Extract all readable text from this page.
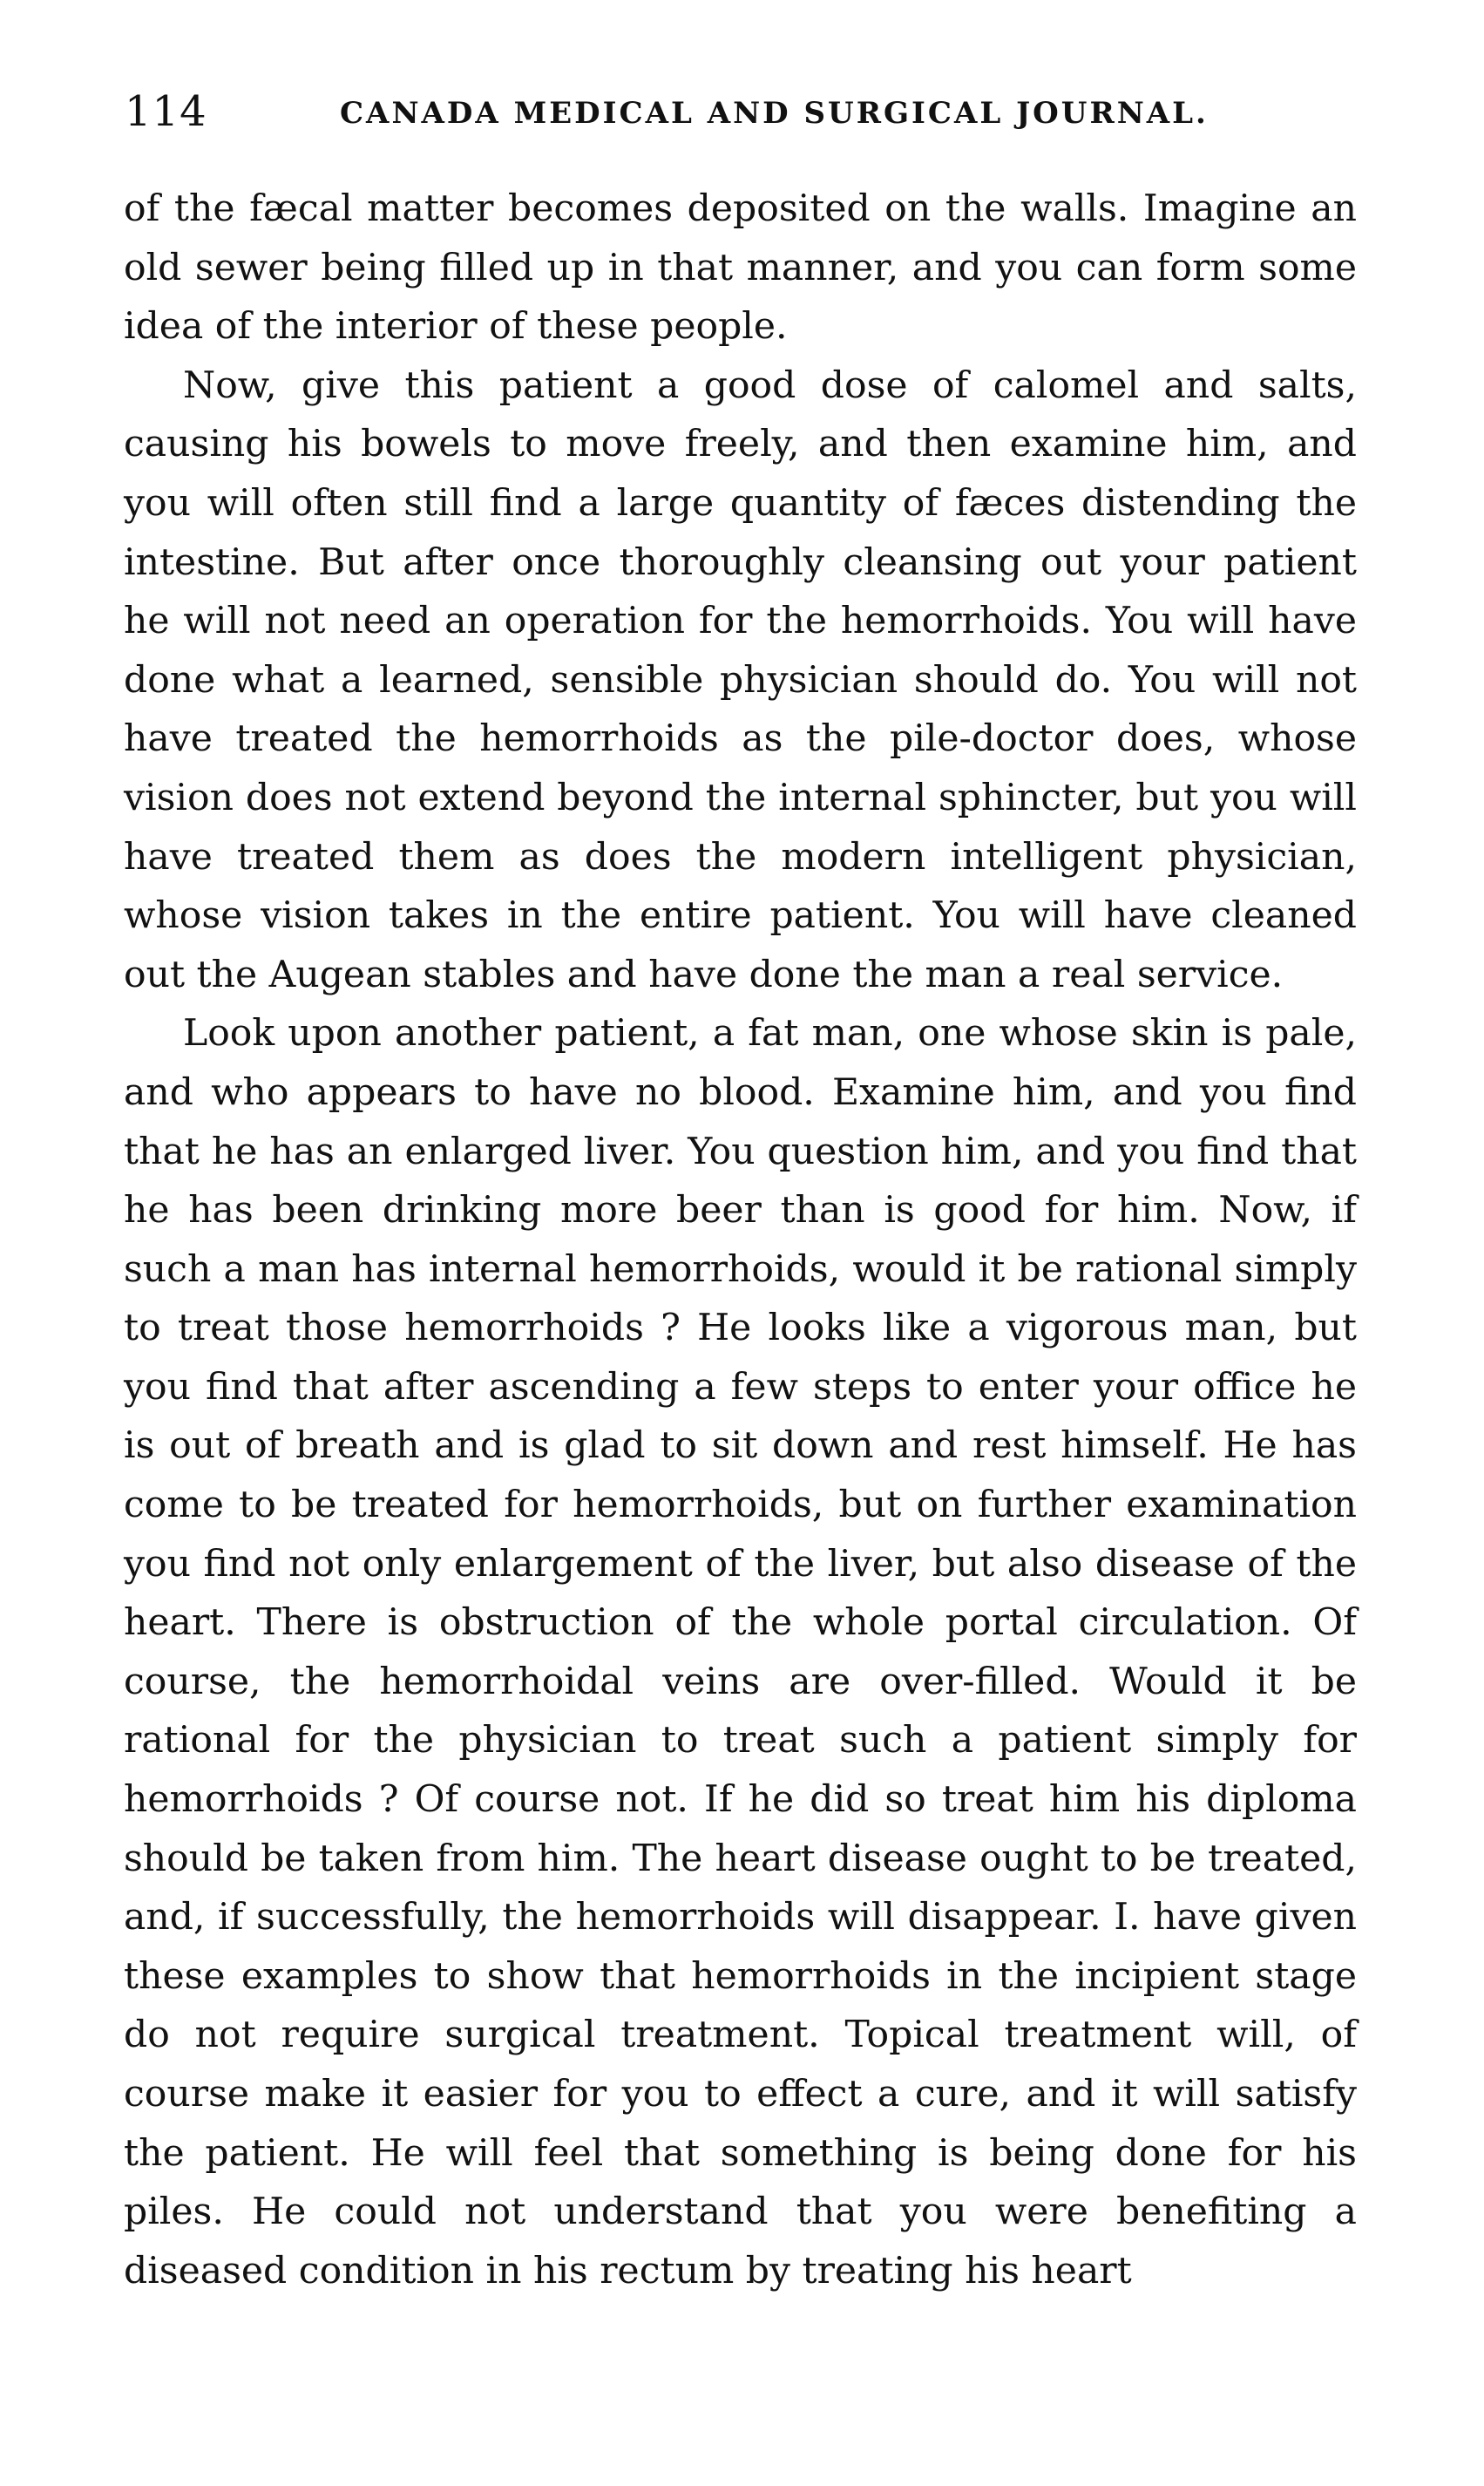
114	CANADA MEDICAL AND SURGICAL JOURNAL.

of the fæcal matter becomes deposited on the walls. Imagine an old sewer being filled up in that manner, and you can form some idea of the interior of these people.

Now, give this patient a good dose of calomel and salts, causing his bowels to move freely, and then examine him, and you will often still find a large quantity of fæces distending the intestine. But after once thoroughly cleansing out your patient he will not need an operation for the hemorrhoids. You will have done what a learned, sensible physician should do. You will not have treated the hemorrhoids as the pile-doctor does, whose vision does not extend beyond the internal sphincter, but you will have treated them as does the modern intelligent physician, whose vision takes in the entire patient. You will have cleaned out the Augean stables and have done the man a real service.

Look upon another patient, a fat man, one whose skin is pale, and who appears to have no blood. Examine him, and you find that he has an enlarged liver. You question him, and you find that he has been drinking more beer than is good for him. Now, if such a man has internal hemorrhoids, would it be rational simply to treat those hemorrhoids ? He looks like a vigorous man, but you find that after ascending a few steps to enter your office he is out of breath and is glad to sit down and rest himself. He has come to be treated for hemorrhoids, but on further examination you find not only enlargement of the liver, but also disease of the heart. There is obstruction of the whole portal circulation. Of course, the hemorrhoidal veins are over-filled. Would it be rational for the physician to treat such a patient simply for hemorrhoids ? Of course not. If he did so treat him his diploma should be taken from him. The heart disease ought to be treated, and, if successfully, the hemorrhoids will disappear. I. have given these examples to show that hemorrhoids in the incipient stage do not require surgical treatment. Topical treatment will, of course make it easier for you to effect a cure, and it will satisfy the patient. He will feel that something is being done for his piles. He could not understand that you were benefiting a diseased condition in his rectum by treating his heart
